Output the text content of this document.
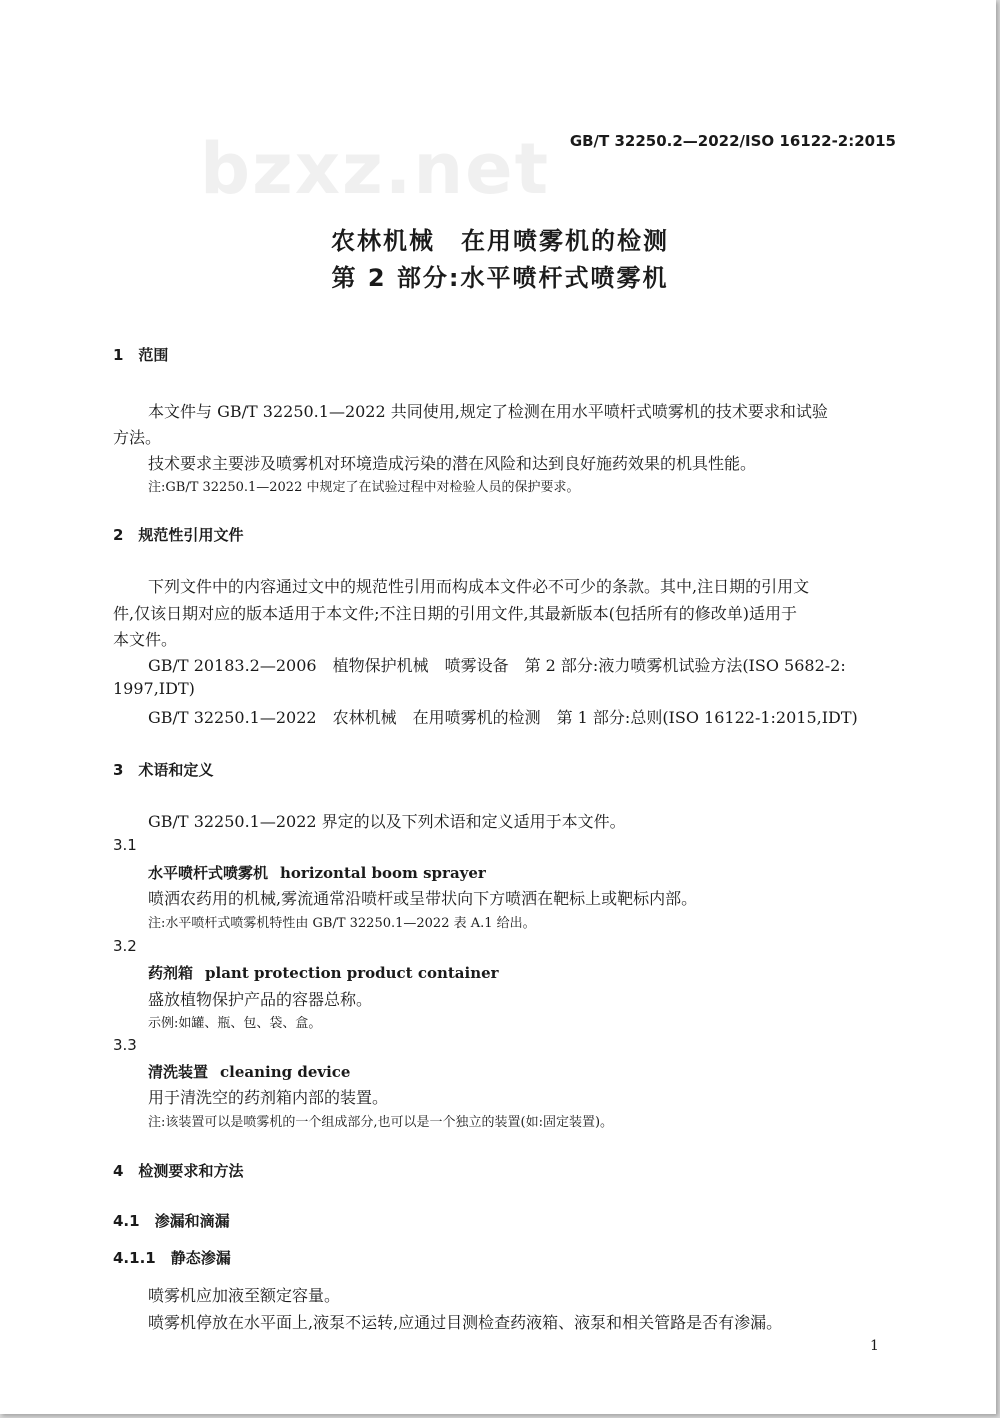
bzxz.net GB/T 32250.2—2022/ISO 16122-2:2015
农林机械　在用喷雾机的检测
第 2 部分:水平喷杆式喷雾机
1　范围
本文件与 GB/T 32250.1—2022 共同使用,规定了检测在用水平喷杆式喷雾机的技术要求和试验
方法。
技术要求主要涉及喷雾机对环境造成污染的潜在风险和达到良好施药效果的机具性能。
注:GB/T 32250.1—2022 中规定了在试验过程中对检验人员的保护要求。
2　规范性引用文件
下列文件中的内容通过文中的规范性引用而构成本文件必不可少的条款。其中,注日期的引用文
件,仅该日期对应的版本适用于本文件;不注日期的引用文件,其最新版本(包括所有的修改单)适用于
本文件。
GB/T 20183.2—2006　植物保护机械　喷雾设备　第 2 部分:液力喷雾机试验方法(ISO 5682-2:
1997,IDT)
GB/T 32250.1—2022　农林机械　在用喷雾机的检测　第 1 部分:总则(ISO 16122-1:2015,IDT)
3　术语和定义
GB/T 32250.1—2022 界定的以及下列术语和定义适用于本文件。
3.1
水平喷杆式喷雾机 horizontal boom sprayer
喷洒农药用的机械,雾流通常沿喷杆或呈带状向下方喷洒在靶标上或靶标内部。
注:水平喷杆式喷雾机特性由 GB/T 32250.1—2022 表 A.1 给出。
3.2
药剂箱 plant protection product container
盛放植物保护产品的容器总称。
示例:如罐、瓶、包、袋、盒。
3.3
清洗装置 cleaning device
用于清洗空的药剂箱内部的装置。
注:该装置可以是喷雾机的一个组成部分,也可以是一个独立的装置(如:固定装置)。
4　检测要求和方法
4.1　渗漏和滴漏
4.1.1　静态渗漏
喷雾机应加液至额定容量。
喷雾机停放在水平面上,液泵不运转,应通过目测检查药液箱、液泵和相关管路是否有渗漏。
1
